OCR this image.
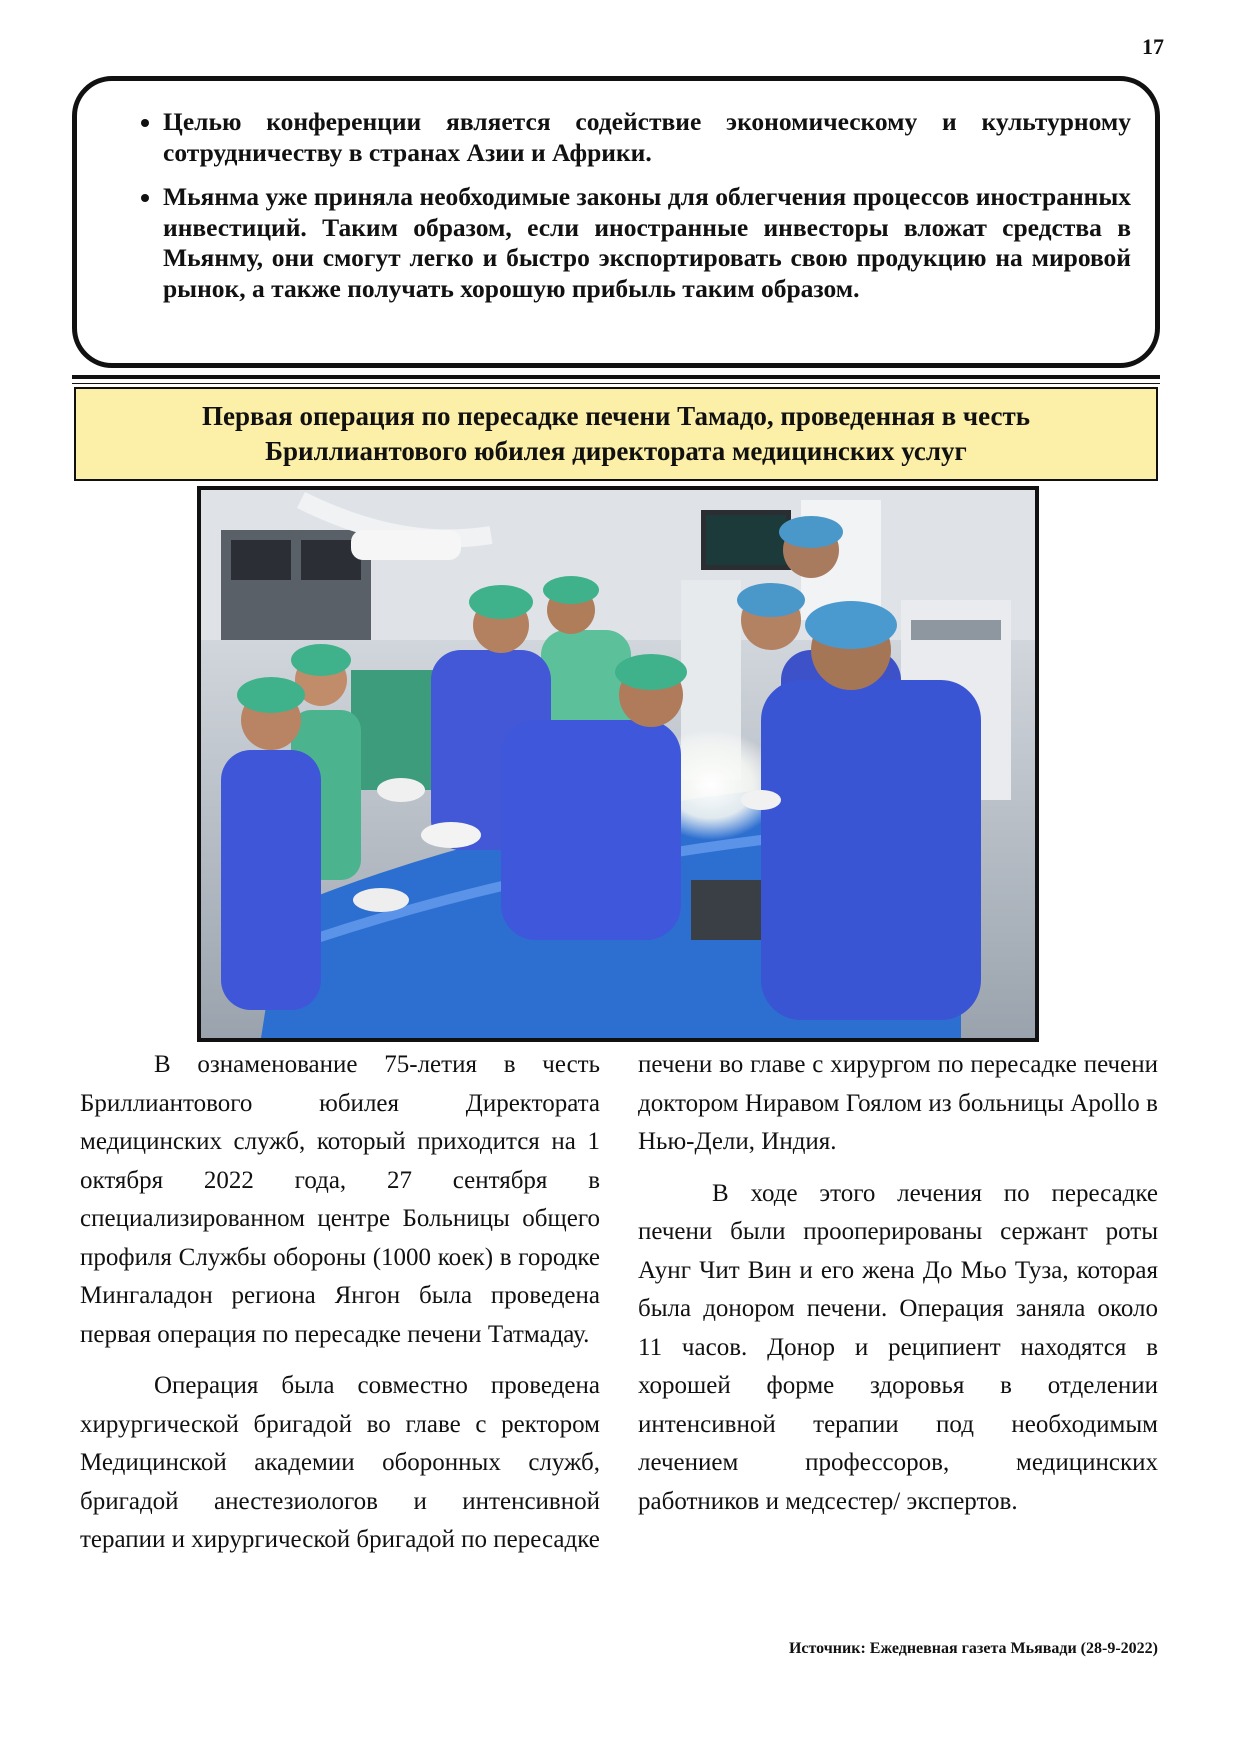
17
• Целью конференции является содействие экономическому и культурному сотрудничеству в странах Азии и Африки.
• Мьянма уже приняла необходимые законы для облегчения процессов иностранных инвестиций. Таким образом, если иностранные инвесторы вложат средства в Мьянму, они смогут легко и быстро экспортировать свою продукцию на мировой рынок, а также получать хорошую прибыль таким образом.
Первая операция по пересадке печени Тамадо, проведенная в честь Бриллиантового юбилея директората медицинских услуг

В ознаменование 75-летия в честь Бриллиантового юбилея Директората медицинских служб, который приходится на 1 октября 2022 года, 27 сентября в специализированном центре Больницы общего профиля Службы обороны (1000 коек) в городке Мингаладон региона Янгон была проведена первая операция по пересадке печени Татмадау.

Операция была совместно проведена хирургической бригадой во главе с ректором Медицинской академии оборонных служб, бригадой анестезиологов и интенсивной терапии и хирургической бригадой по пересадке

печени во главе с хирургом по пересадке печени доктором Ниравом Гоялом из больницы Apollo в Нью-Дели, Индия.

В ходе этого лечения по пересадке печени были прооперированы сержант роты Аунг Чит Вин и его жена До Мьо Туза, которая была донором печени. Операция заняла около 11 часов. Донор и реципиент находятся в хорошей форме здоровья в отделении интенсивной терапии под необходимым лечением профессоров, медицинских работников и медсестер/ экспертов.

Источник: Ежедневная газета Мьявади (28-9-2022)
